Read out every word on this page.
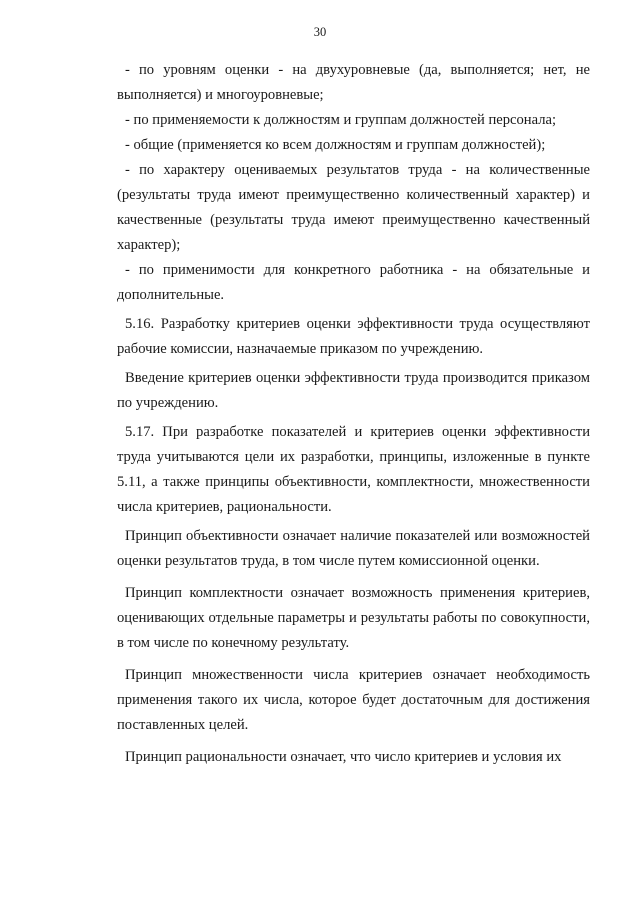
30

- по уровням оценки - на двухуровневые (да, выполняется; нет, не выполняется) и многоуровневые;

- по применяемости к должностям и группам должностей персонала;

- общие (применяется ко всем должностям и группам должностей);

- по характеру оцениваемых результатов труда - на количественные (результаты труда имеют преимущественно количественный характер) и качественные (результаты труда имеют преимущественно качественный характер);

- по применимости для конкретного работника - на обязательные и дополнительные.

5.16. Разработку критериев оценки эффективности труда осуществляют рабочие комиссии, назначаемые приказом по учреждению.

Введение критериев оценки эффективности труда производится приказом по учреждению.

5.17. При разработке показателей и критериев оценки эффективности труда учитываются цели их разработки, принципы, изложенные в пункте 5.11, а также принципы объективности, комплектности, множественности числа критериев, рациональности.

Принцип объективности означает наличие показателей или возможностей оценки результатов труда, в том числе путем комиссионной оценки.

Принцип комплектности означает возможность применения критериев, оценивающих отдельные параметры и результаты работы по совокупности, в том числе по конечному результату.

Принцип множественности числа критериев означает необходимость применения такого их числа, которое будет достаточным для достижения поставленных целей.

Принцип рациональности означает, что число критериев и условия их
